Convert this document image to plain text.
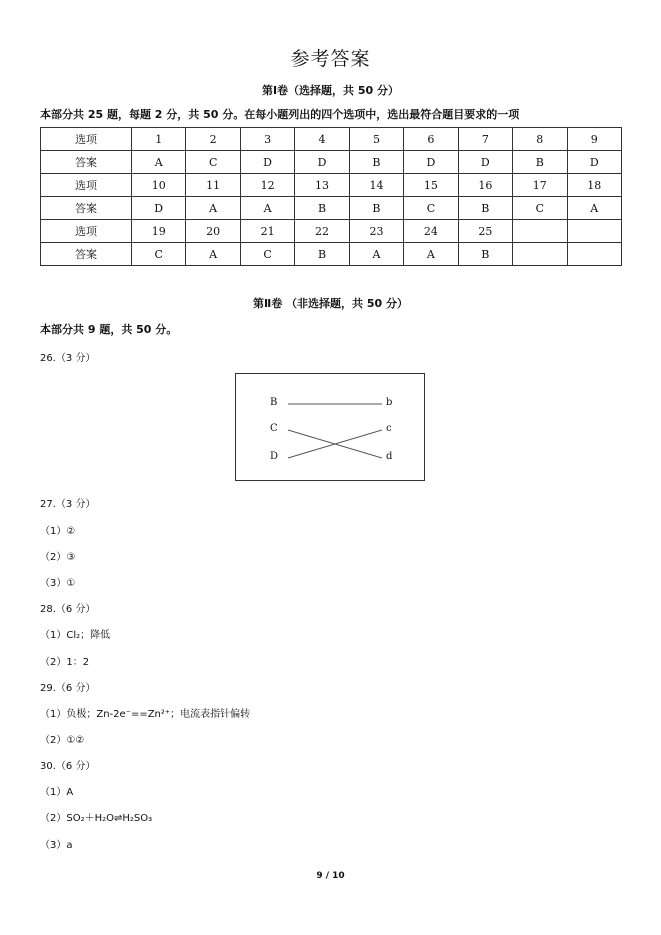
参考答案
第Ⅰ卷（选择题，共 50 分）
本部分共 25 题，每题 2 分，共 50 分。在每小题列出的四个选项中，选出最符合题目要求的一项
选项	1	2	3	4	5	6	7	8	9
答案	A	C	D	D	B	D	D	B	D
选项	10	11	12	13	14	15	16	17	18
答案	D	A	A	B	B	C	B	C	A
选项	19	20	21	22	23	24	25		
答案	C	A	C	B	A	A	B		
第Ⅱ卷 （非选择题，共 50 分）
本部分共 9 题，共 50 分。
26.（3 分）
B
C
D
b
c
d
27.（3 分）
（1）②
（2）③
（3）①
28.（6 分）
（1）Cl₂；降低
（2）1：2
29.（6 分）
（1）负极；Zn-2e⁻==Zn²⁺；电流表指针偏转
（2）①②
30.（6 分）
（1）A
（2）SO₂＋H₂O⇌H₂SO₃
（3）a
9 / 10
